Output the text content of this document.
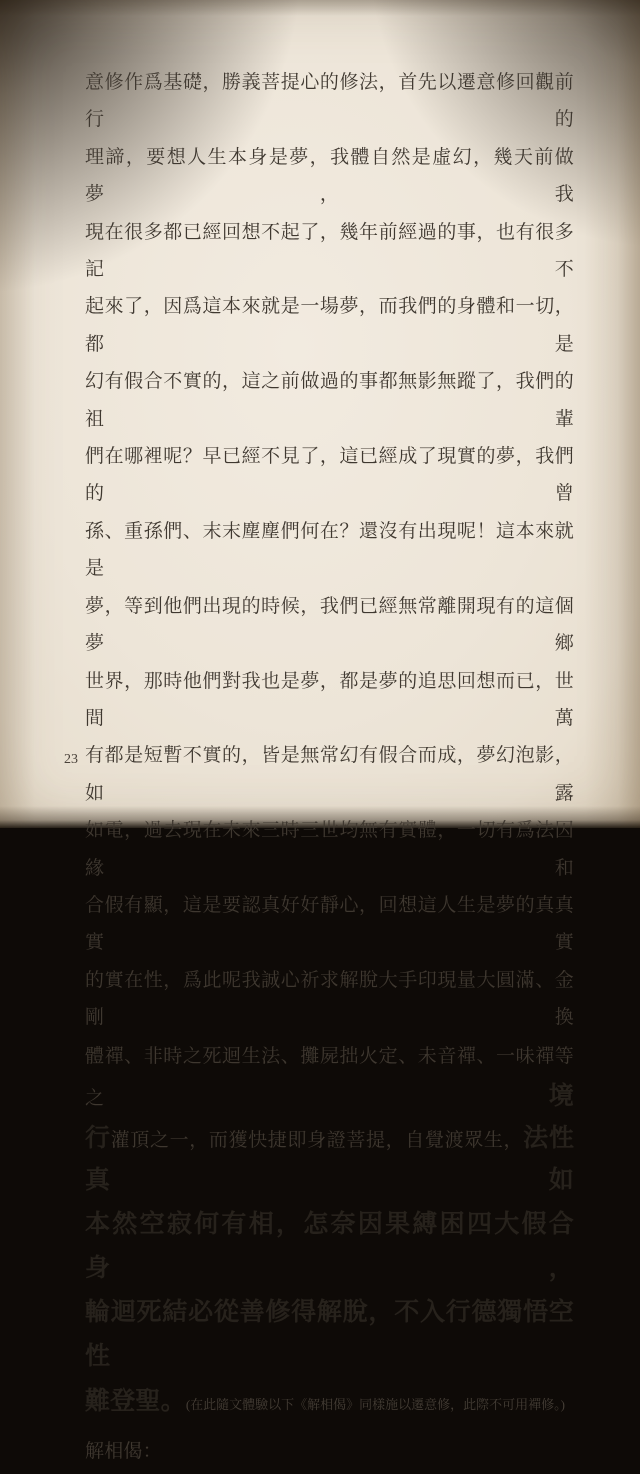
意修作爲基礎，勝義菩提心的修法，首先以遷意修回觀前行的
理諦，要想人生本身是夢，我體自然是虛幻，幾天前做夢，我
現在很多都已經回想不起了，幾年前經過的事，也有很多記不
起來了，因爲這本來就是一場夢，而我們的身體和一切，都是
幻有假合不實的，這之前做過的事都無影無蹤了，我們的祖輩
們在哪裡呢？早已經不見了，這已經成了現實的夢，我們的曾
孫、重孫們、末末塵塵們何在？還沒有出現呢！這本來就是
夢，等到他們出現的時候，我們已經無常離開現有的這個夢鄉
世界，那時他們對我也是夢，都是夢的追思回想而已，世間萬
有都是短暫不實的，皆是無常幻有假合而成，夢幻泡影，如露
如電，過去現在未來三時三世均無有實體，一切有爲法因緣和
合假有顯，這是要認真好好靜心，回想這人生是夢的真真實實
的實在性，爲此呢我誠心祈求解脫大手印現量大圓滿、金剛換
體禪、非時之死迴生法、攤屍拙火定、未音禪、一味禪等之境
行灌頂之一，而獲快捷即身證菩提，自覺渡眾生，法性真如
本然空寂何有相，怎奈因果縛困四大假合身，
輪迴死結必從善修得解脫，不入行德獨悟空性
難登聖。(在此隨文體驗以下《解相偈》同樣施以遷意修，此際不可用禪修。)
解相偈：
23
